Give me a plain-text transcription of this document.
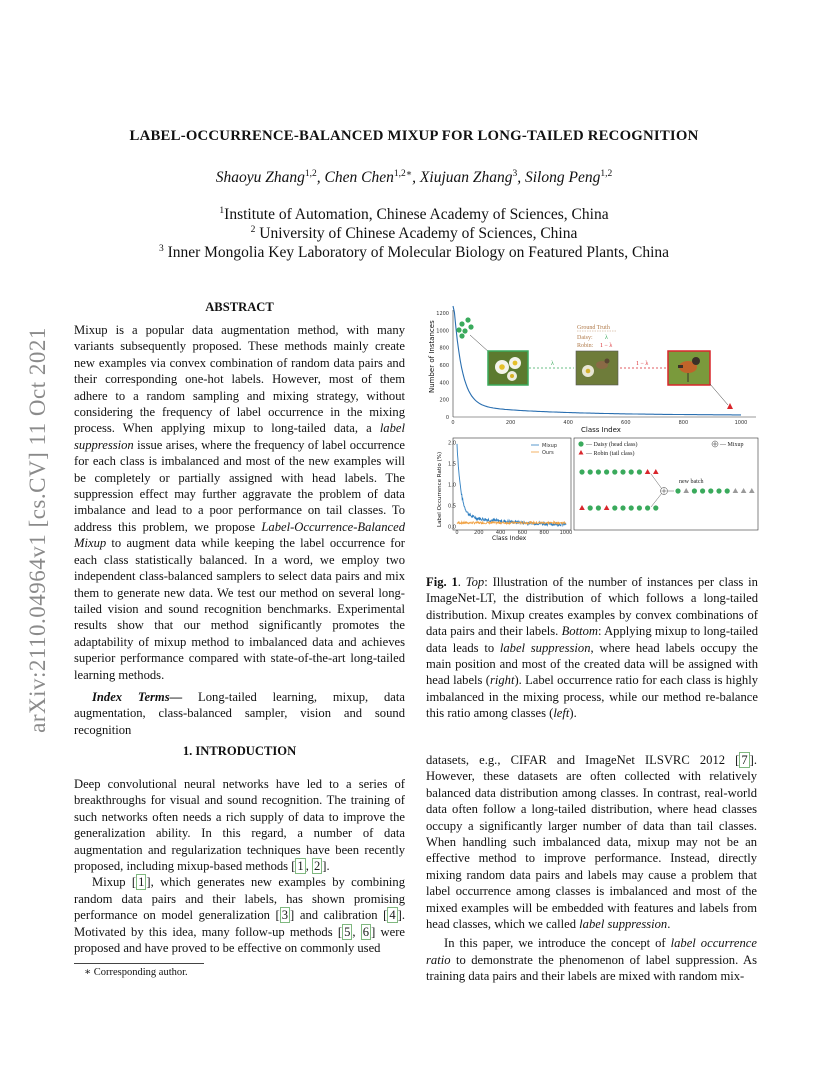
arXiv:2110.04964v1 [cs.CV] 11 Oct 2021
LABEL-OCCURRENCE-BALANCED MIXUP FOR LONG-TAILED RECOGNITION
Shaoyu Zhang$^{1,2}$, Chen Chen$^{1,2∗}$, Xiujuan Zhang$^3$, Silong Peng$^{1,2}$
$^1$Institute of Automation, Chinese Academy of Sciences, China
$^2$ University of Chinese Academy of Sciences, China
$^3$ Inner Mongolia Key Laboratory of Molecular Biology on Featured Plants, China
ABSTRACT

Mixup is a popular data augmentation method, with many variants subsequently proposed. These methods mainly create new examples via convex combination of random data pairs and their corresponding one-hot labels. However, most of them adhere to a random sampling and mixing strategy, without considering the frequency of label occurrence in the mixing process. When applying mixup to long-tailed data, a label suppression issue arises, where the frequency of label occurrence for each class is imbalanced and most of the new examples will be completely or partially assigned with head labels. The suppression effect may further aggravate the problem of data imbalance and lead to a poor performance on tail classes. To address this problem, we propose Label-Occurrence-Balanced Mixup to augment data while keeping the label occurrence for each class statistically balanced. In a word, we employ two independent class-balanced samplers to select data pairs and mix them to generate new data. We test our method on several long-tailed vision and sound recognition benchmarks. Experimental results show that our method significantly promotes the adaptability of mixup method to imbalanced data and achieves superior performance compared with state-of-the-art long-tailed learning methods.

Index Terms— Long-tailed learning, mixup, data augmentation, class-balanced sampler, vision and sound recognition

1. INTRODUCTION

Deep convolutional neural networks have led to a series of breakthroughs for visual and sound recognition. The training of such networks often needs a rich supply of data to improve the generalization ability. In this regard, a number of data augmentation and regularization techniques have been recently proposed, including mixup-based methods [ 1 , 2 ].

Mixup [ 1 ], which generates new examples by combining random data pairs and their labels, has shown promising performance on model generalization [ 3 ] and calibration [ 4 ]. Motivated by this idea, many follow-up methods [ 5 , 6 ] were proposed and have proved to be effective on commonly used

∗ Corresponding author.
0
200
400
600
800
1000
1200
0	200	400	600	800	1000
Number of Instances
Class Index
λ	1 − λ
Ground Truth
Daisy: λ
Robin: 1 − λ
Label Occurrence Ratio (%)
Class Index
0	200 400 600 800 1000
0.0
0.5
1.0
1.5
2.0	Mixup
Ours
— Daisy (head class)
— Robin (tail class)
— Mixup
new batch
Fig. 1. Top: Illustration of the number of instances per class in ImageNet-LT, the distribution of which follows a long-tailed distribution. Mixup creates examples by convex combinations of data pairs and their labels. Bottom: Applying mixup to long-tailed data leads to label suppression, where head labels occupy the main position and most of the created data will be assigned with head labels (right). Label occurrence ratio for each class is highly imbalanced in the mixing process, while our method re-balance this ratio among classes (left).

datasets, e.g., CIFAR and ImageNet ILSVRC 2012 [ 7 ]. However, these datasets are often collected with relatively balanced data distribution among classes. In contrast, real-world data often follow a long-tailed distribution, where head classes occupy a significantly larger number of data than tail classes. When handling such imbalanced data, mixup may not be an effective method to improve performance. Instead, directly mixing random data pairs and labels may cause a problem that label occurrence among classes is imbalanced and most of the mixed examples will be embedded with features and labels from head classes, which we called label suppression.

In this paper, we introduce the concept of label occurrence ratio to demonstrate the phenomenon of label suppression. As training data pairs and their labels are mixed with random mix-
